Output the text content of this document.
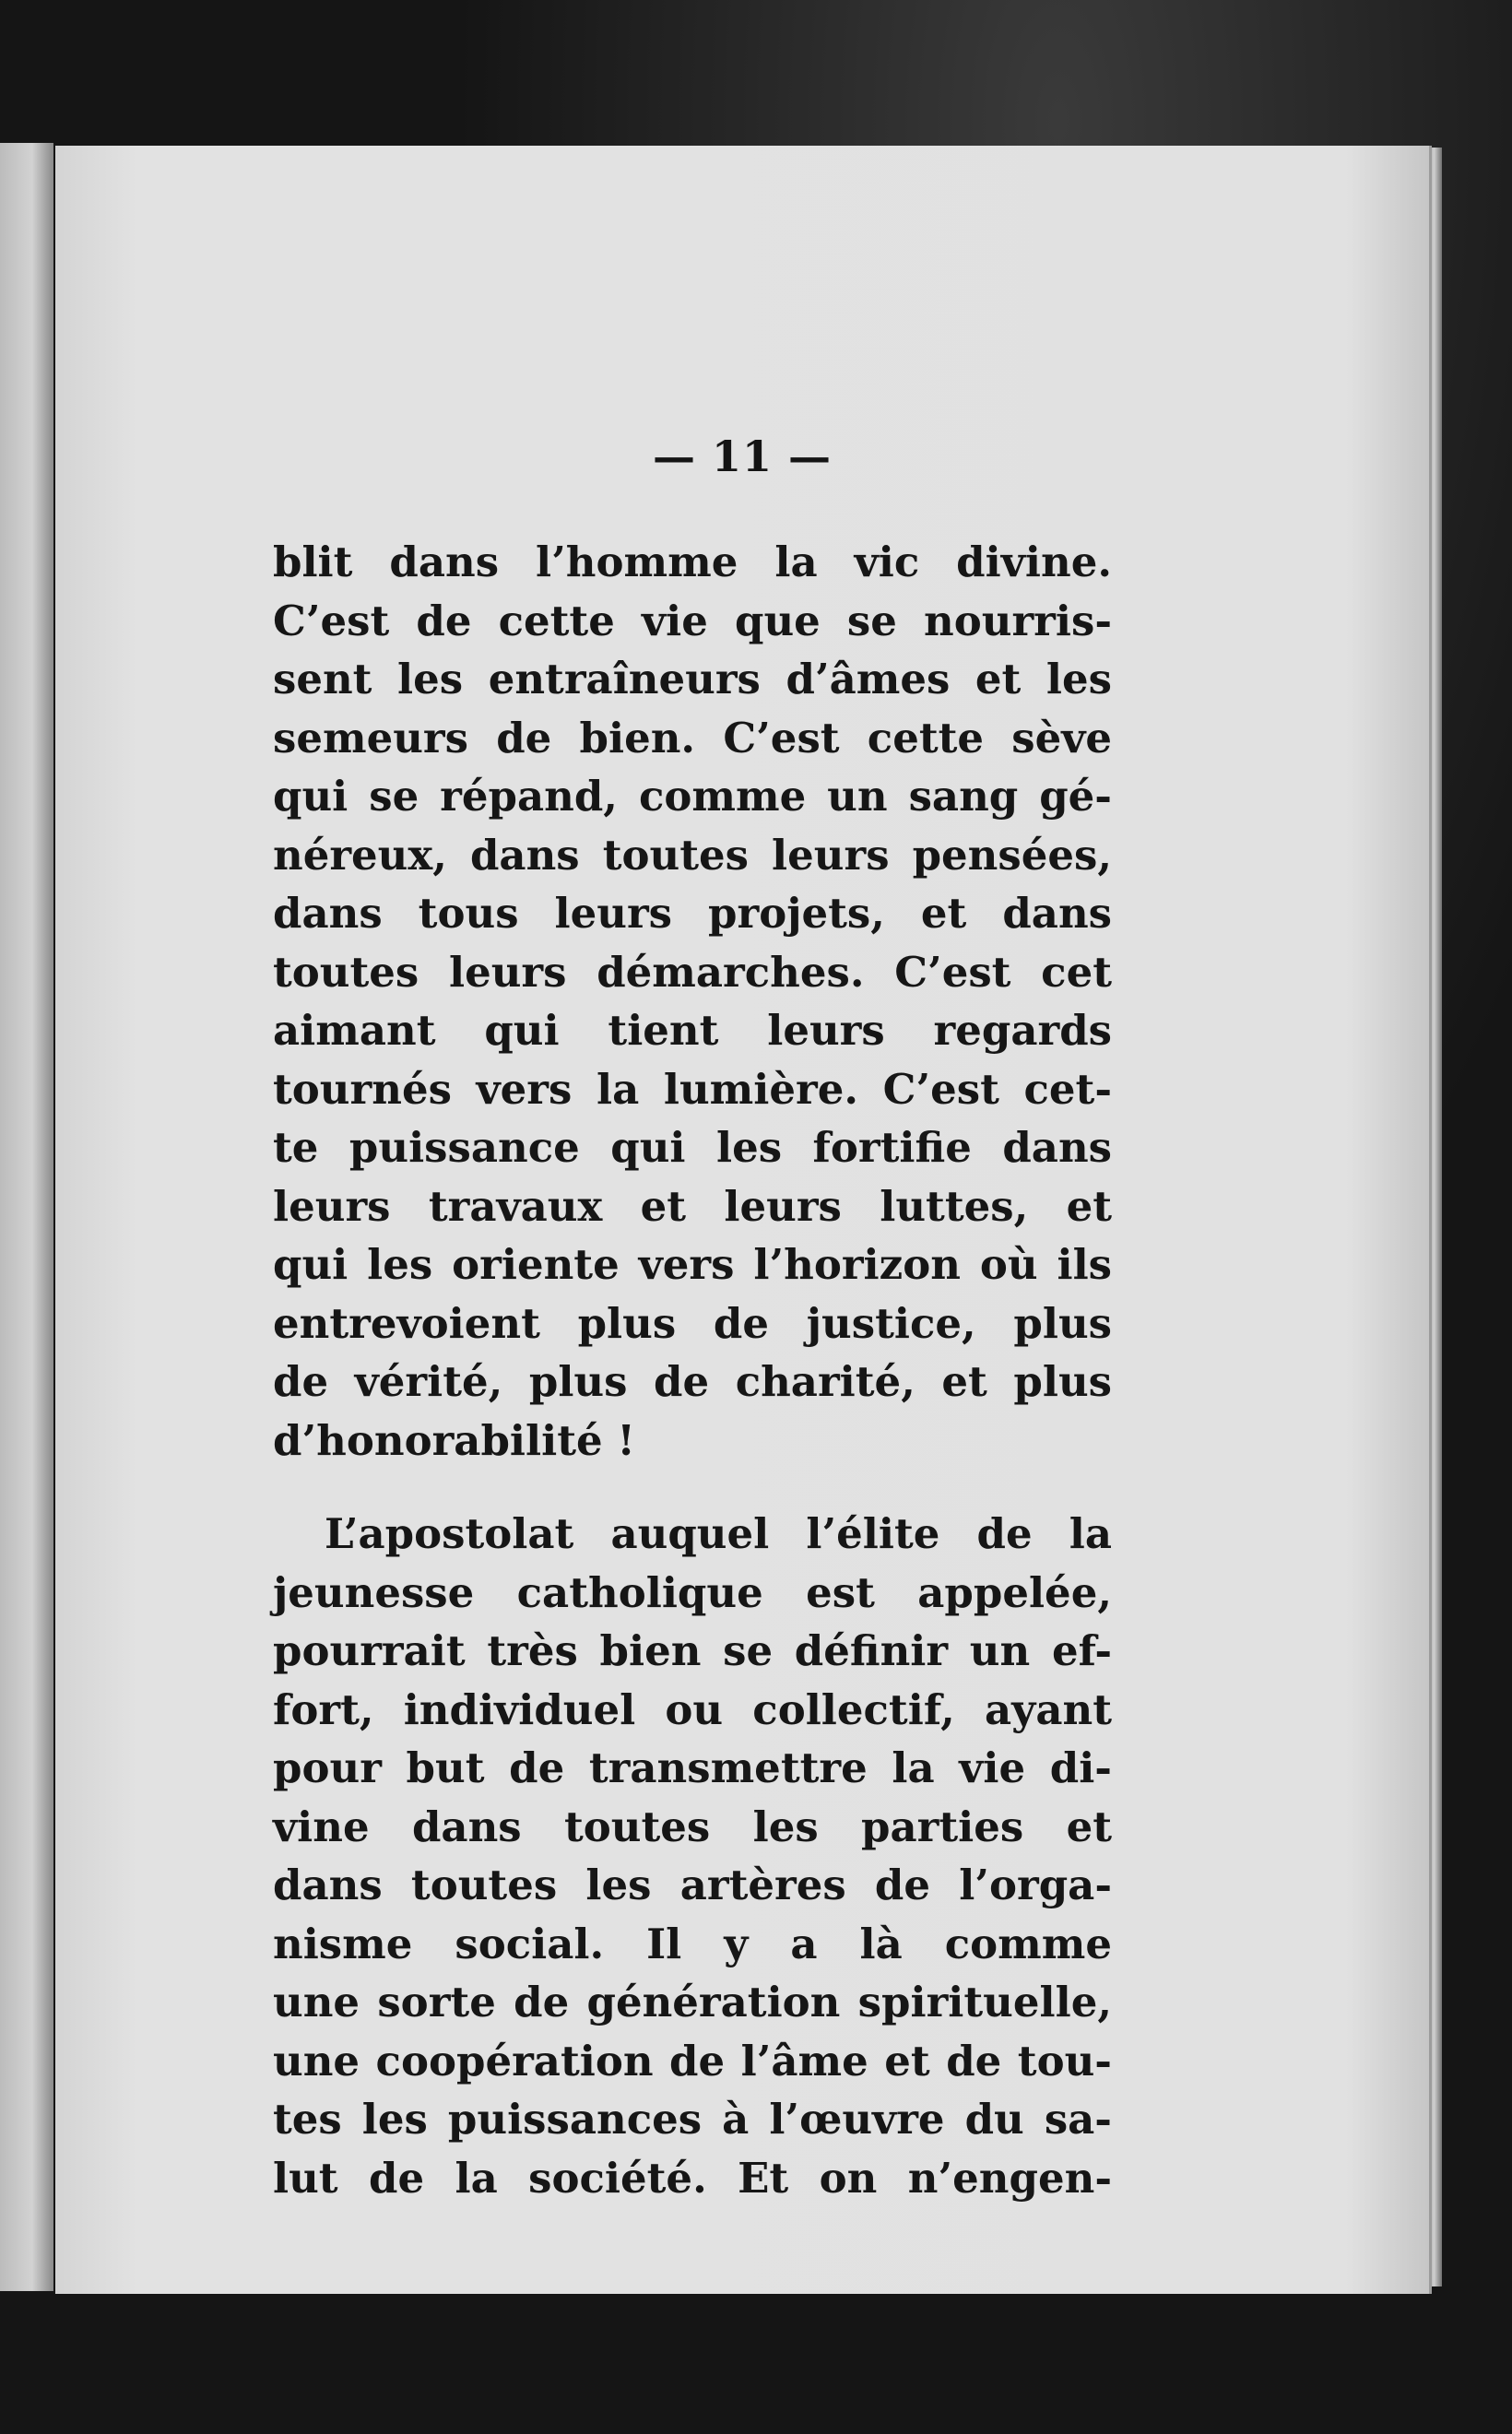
— 11 —
blit dans l’homme la vic divine.
C’est de cette vie que se nourris-
sent les entraîneurs d’âmes et les
semeurs de bien. C’est cette sève
qui se répand, comme un sang gé-
néreux, dans toutes leurs pensées,
dans tous leurs projets, et dans
toutes leurs démarches. C’est cet
aimant qui tient leurs regards
tournés vers la lumière. C’est cet-
te puissance qui les fortifie dans
leurs travaux et leurs luttes, et
qui les oriente vers l’horizon où ils
entrevoient plus de justice, plus
de vérité, plus de charité, et plus
d’honorabilité !
L’apostolat auquel l’élite de la
jeunesse catholique est appelée,
pourrait très bien se définir un ef-
fort, individuel ou collectif, ayant
pour but de transmettre la vie di-
vine dans toutes les parties et
dans toutes les artères de l’orga-
nisme social. Il y a là comme
une sorte de génération spirituelle,
une coopération de l’âme et de tou-
tes les puissances à l’œuvre du sa-
lut de la société. Et on n’engen-
